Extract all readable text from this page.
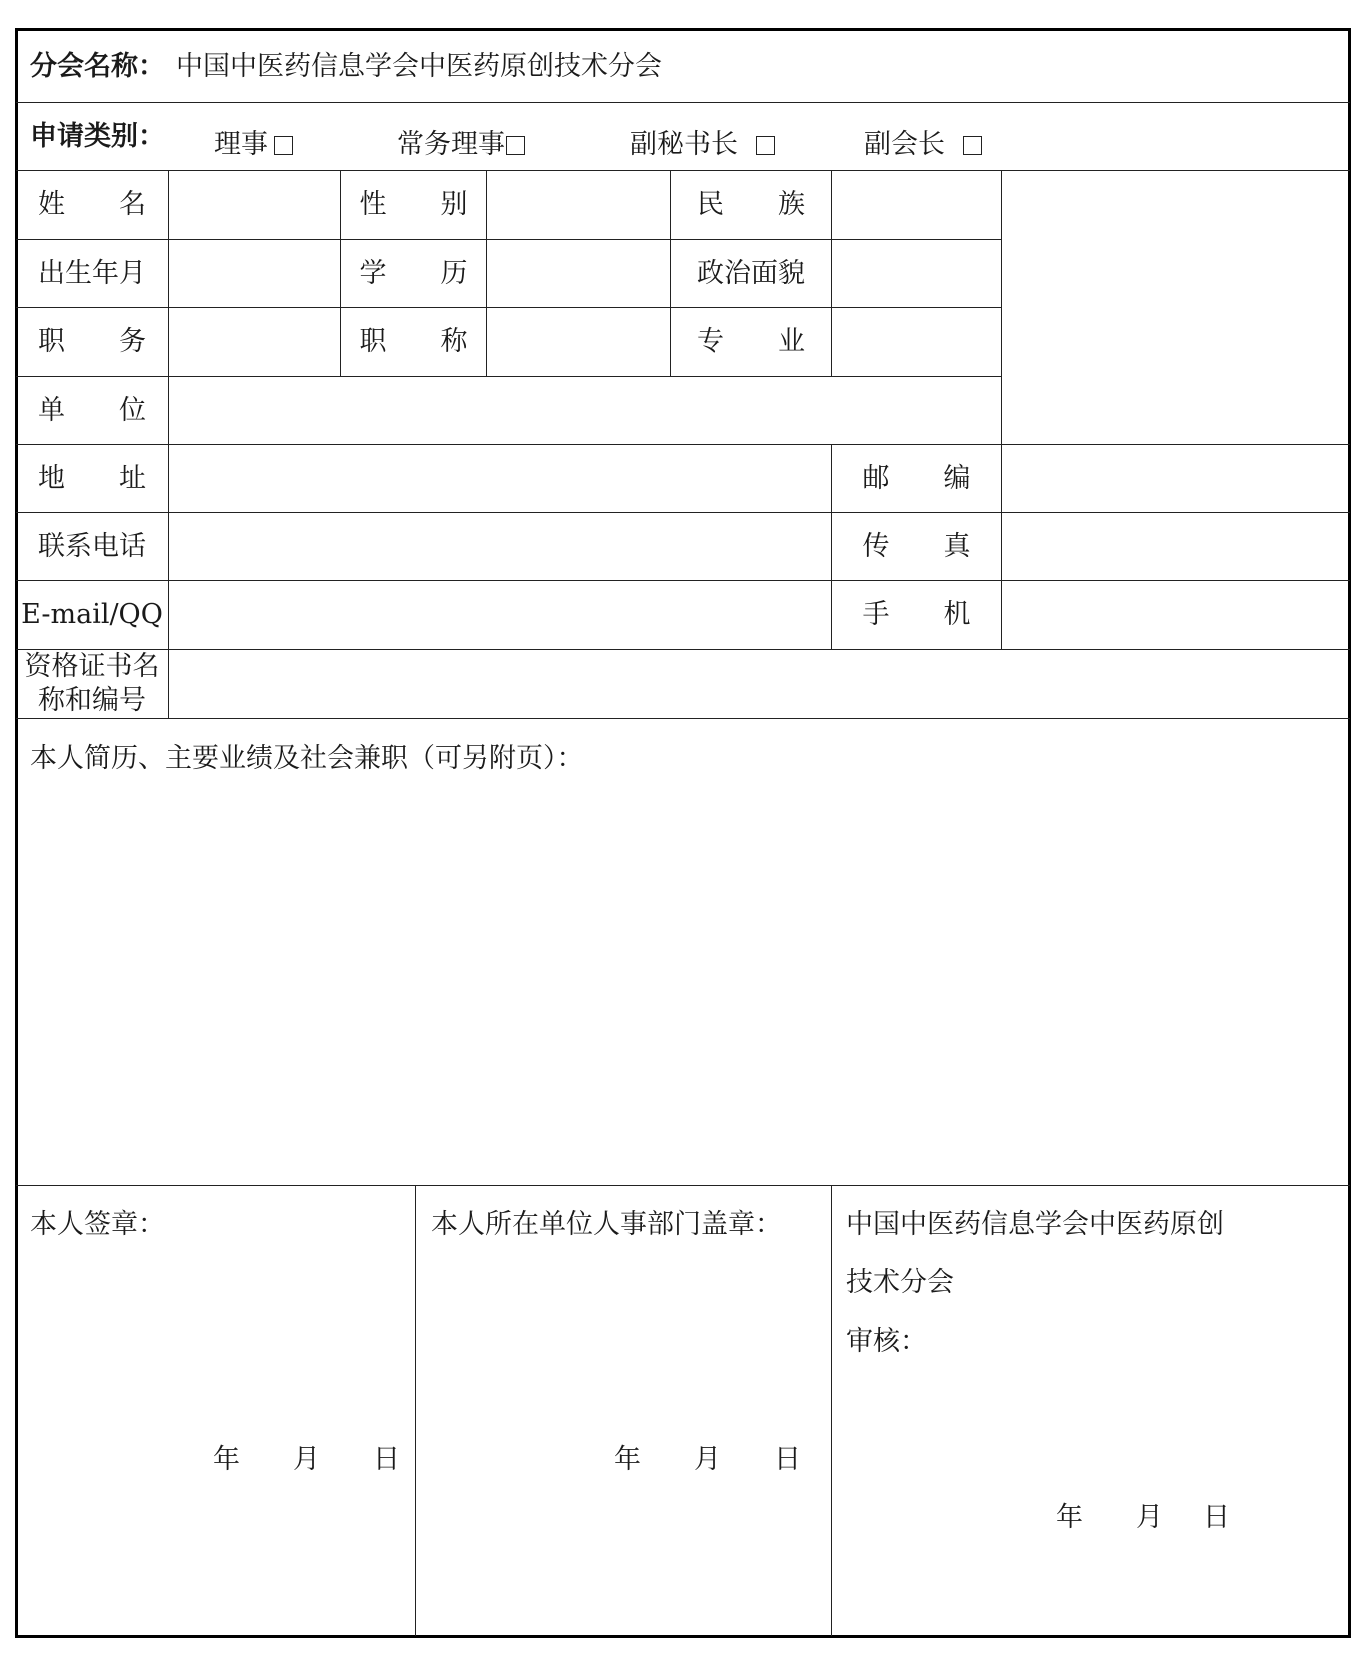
分会名称： 中国中医药信息学会中医药原创技术分会
申请类别： 理事	常务理事	副秘书长	副会长
姓　　名	性　　别	民　　族
出生年月	学　　历	政治面貌
职　　务	职　　称	专　　业
单　　位
地　　址	邮　　编
联系电话	传　　真
E-mail/QQ	手　　机
资格证书名
称和编号
本人简历、主要业绩及社会兼职（可另附页）：
本人签章：
年 月 日
本人所在单位人事部门盖章：
年 月 日
中国中医药信息学会中医药原创
技术分会
审核：
年 月 日
